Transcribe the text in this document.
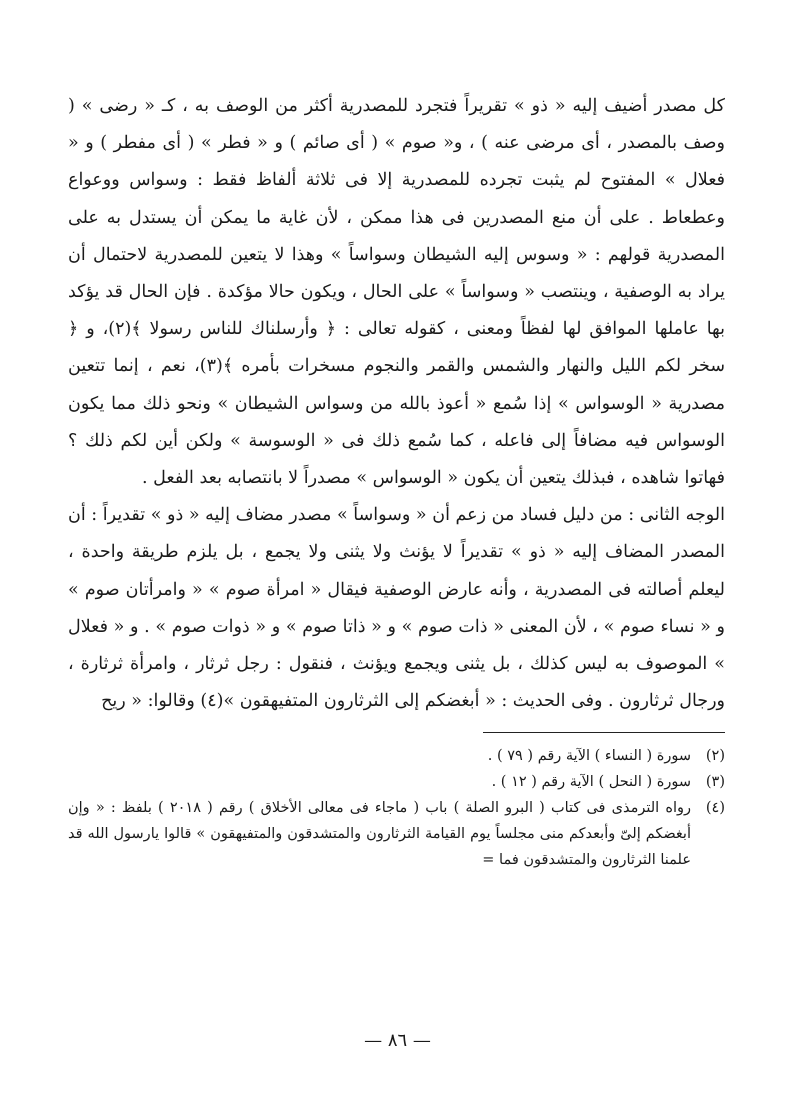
كل مصدر أضيف إليه « ذو » تقريراً فتجرد للمصدرية أكثر من الوصف به ، كـ « رضى » ( وصف بالمصدر ، أى مرضى عنه ) ، و« صوم » ( أى صائم ) و « فطر » ( أى مفطر ) و « فعلال » المفتوح لم يثبت تجرده للمصدرية إلا فى ثلاثة ألفاظ فقط : وسواس ووعواع وعطعاط . على أن منع المصدرين فى هذا ممكن ، لأن غاية ما يمكن أن يستدل به على المصدرية قولهم : « وسوس إليه الشيطان وسواساً » وهذا لا يتعين للمصدرية لاحتمال أن يراد به الوصفية ، وينتصب « وسواساً » على الحال ، ويكون حالا مؤكدة . فإن الحال قد يؤكد بها عاملها الموافق لها لفظاً ومعنى ، كقوله تعالى : ﴿ وأرسلناك للناس رسولا ﴾(٢)، و ﴿ سخر لكم الليل والنهار والشمس والقمر والنجوم مسخرات بأمره ﴾(٣)، نعم ، إنما تتعين مصدرية « الوسواس » إذا سُمع « أعوذ بالله من وسواس الشيطان » ونحو ذلك مما يكون الوسواس فيه مضافاً إلى فاعله ، كما سُمع ذلك فى « الوسوسة » ولكن أين لكم ذلك ؟ فهاتوا شاهده ، فبذلك يتعين أن يكون « الوسواس » مصدراً لا بانتصابه بعد الفعل .

الوجه الثانى : من دليل فساد من زعم أن « وسواساً » مصدر مضاف إليه « ذو » تقديراً : أن المصدر المضاف إليه « ذو » تقديراً لا يؤنث ولا يثنى ولا يجمع ، بل يلزم طريقة واحدة ، ليعلم أصالته فى المصدرية ، وأنه عارض الوصفية فيقال « امرأة صوم » « وامرأتان صوم » و « نساء صوم » ، لأن المعنى « ذات صوم » و « ذاتا صوم » و « ذوات صوم » . و « فعلال » الموصوف به ليس كذلك ، بل يثنى ويجمع ويؤنث ، فنقول : رجل ثرثار ، وامرأة ثرثارة ، ورجال ثرثارون . وفى الحديث : « أبغضكم إلى الثرثارون المتفيهقون »(٤) وقالوا: « ريح

(٢)
سورة ( النساء ) الآية رقم ( ٧٩ ) .
(٣)
سورة ( النحل ) الآية رقم ( ١٢ ) .
(٤)
رواه الترمذى فى كتاب ( البرو الصلة ) باب ( ماجاء فى معالى الأخلاق ) رقم ( ٢٠١٨ ) بلفظ : « وإن أبغضكم إلىّ وأبعدكم منى مجلساً يوم القيامة الثرثارون والمتشدقون والمتفيهقون » قالوا يارسول الله قد علمنا الثرثارون والمتشدقون فما =
— ٨٦ —
